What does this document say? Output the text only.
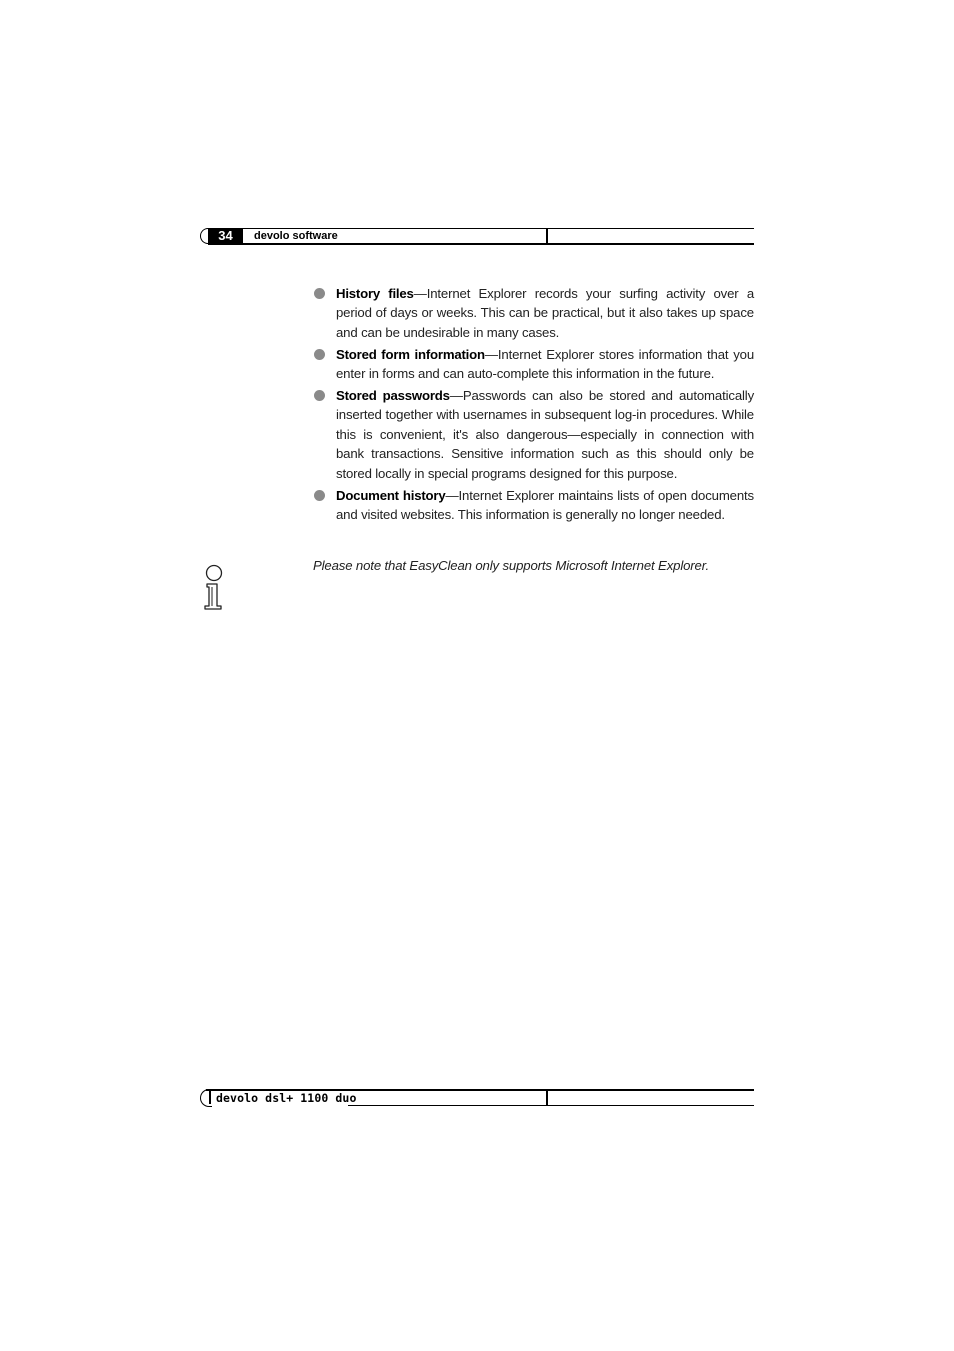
34	devolo software
History files—Internet Explorer records your surfing activity over a period of days or weeks. This can be practical, but it also takes up space and can be undesirable in many cases.
Stored form information—Internet Explorer stores information that you enter in forms and can auto-complete this information in the future.
Stored passwords—Passwords can also be stored and automatically inserted together with usernames in subsequent log-in procedures. While this is convenient, it's also dangerous—especially in connection with bank transactions. Sensitive information such as this should only be stored locally in special programs designed for this purpose.
Document history—Internet Explorer maintains lists of open documents and visited websites. This information is generally no longer needed.
Please note that EasyClean only supports Microsoft Internet Explorer.
devolo dsl+ 1100 duo
